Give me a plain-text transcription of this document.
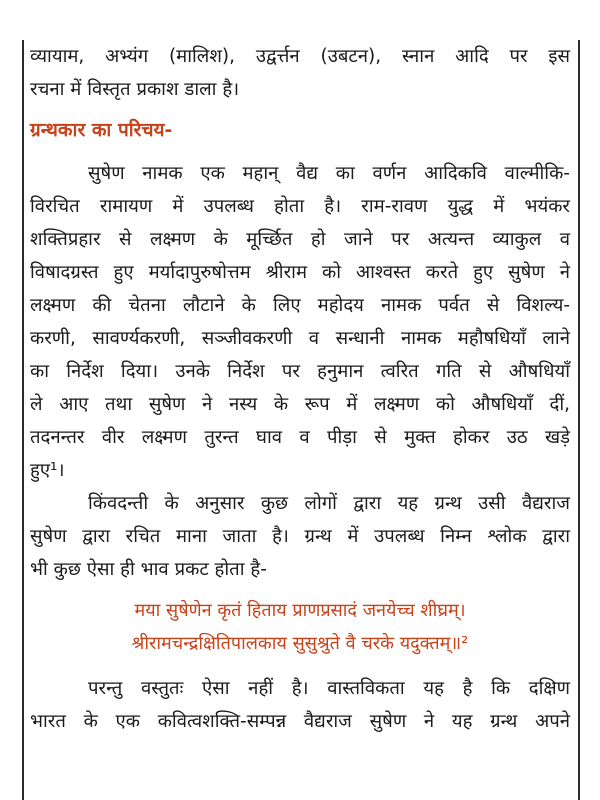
व्यायाम, अभ्यंग (मालिश), उद्वर्त्तन (उबटन), स्नान आदि पर इस
रचना में विस्तृत प्रकाश डाला है।
ग्रन्थकार का परिचय-
सुषेण नामक एक महान् वैद्य का वर्णन आदिकवि वाल्मीकि-
विरचित रामायण में उपलब्ध होता है। राम-रावण युद्ध में भयंकर
शक्तिप्रहार से लक्ष्मण के मूर्च्छित हो जाने पर अत्यन्त व्याकुल व
विषादग्रस्त हुए मर्यादापुरुषोत्तम श्रीराम को आश्वस्त करते हुए सुषेण ने
लक्ष्मण की चेतना लौटाने के लिए महोदय नामक पर्वत से विशल्य-
करणी, सावर्ण्यकरणी, सञ्जीवकरणी व सन्धानी नामक महौषधियाँ लाने
का निर्देश दिया। उनके निर्देश पर हनुमान त्वरित गति से औषधियाँ
ले आए तथा सुषेण ने नस्य के रूप में लक्ष्मण को औषधियाँ दीं,
तदनन्तर वीर लक्ष्मण तुरन्त घाव व पीड़ा से मुक्त होकर उठ खड़े
हुए¹।
किंवदन्ती के अनुसार कुछ लोगों द्वारा यह ग्रन्थ उसी वैद्यराज
सुषेण द्वारा रचित माना जाता है। ग्रन्थ में उपलब्ध निम्न श्लोक द्वारा
भी कुछ ऐसा ही भाव प्रकट होता है-
मया सुषेणेन कृतं हिताय प्राणप्रसादं जनयेच्च शीघ्रम्।
श्रीरामचन्द्रक्षितिपालकाय सुसुश्रुते वै चरके यदुक्तम्॥²
परन्तु वस्तुतः ऐसा नहीं है। वास्तविकता यह है कि दक्षिण
भारत के एक कवित्वशक्ति-सम्पन्न वैद्यराज सुषेण ने यह ग्रन्थ अपने
